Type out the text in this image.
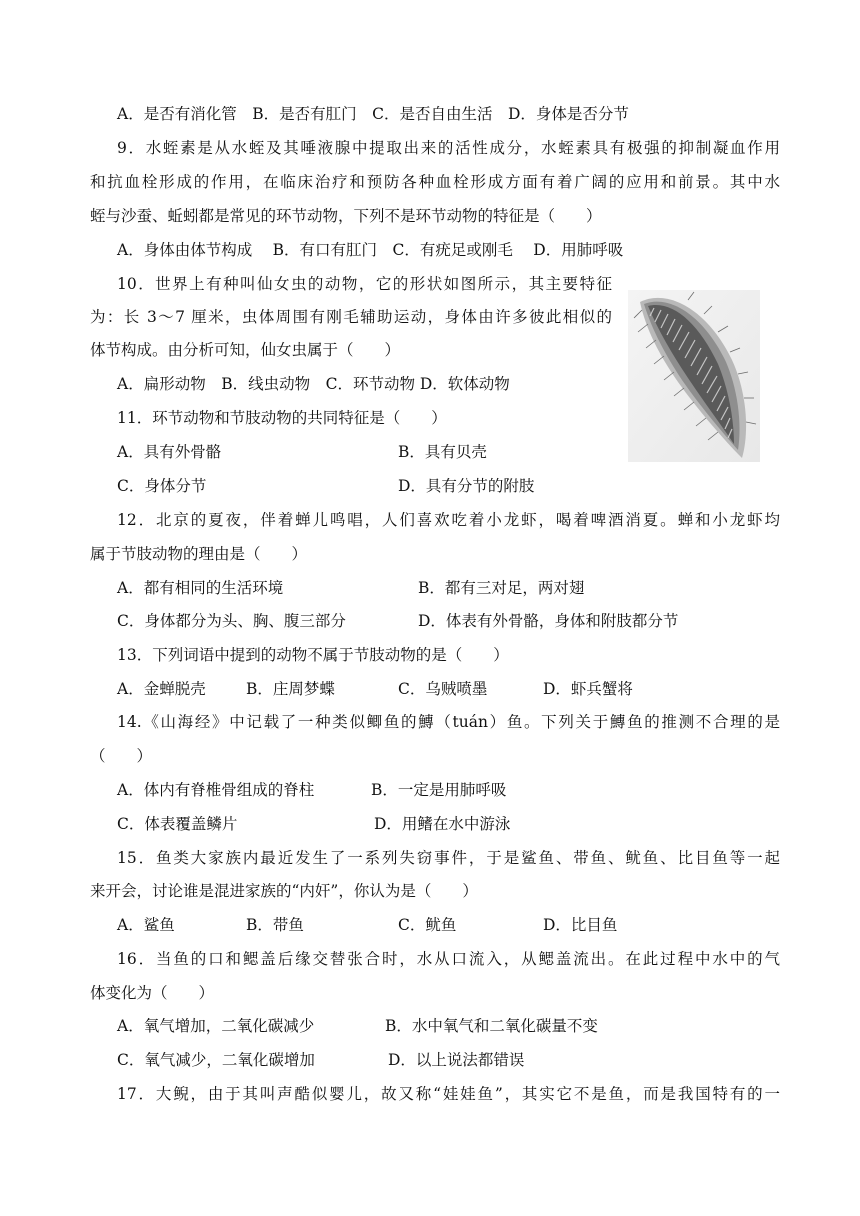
A．是否有消化管　B．是否有肛门　C．是否自由生活　D．身体是否分节
9．水蛭素是从水蛭及其唾液腺中提取出来的活性成分，水蛭素具有极强的抑制凝血作用
和抗血栓形成的作用，在临床治疗和预防各种血栓形成方面有着广阔的应用和前景。其中水
蛭与沙蚕、蚯蚓都是常见的环节动物，下列不是环节动物的特征是（　　）
A．身体由体节构成　 B．有口有肛门　C．有疣足或刚毛　 D．用肺呼吸
10．世界上有种叫仙女虫的动物，它的形状如图所示，其主要特征
为：长 3～7 厘米，虫体周围有刚毛辅助运动，身体由许多彼此相似的
体节构成。由分析可知，仙女虫属于（　　）
A．扁形动物　B．线虫动物　C．环节动物 D．软体动物
11．环节动物和节肢动物的共同特征是（　　）
A．具有外骨骼	B．具有贝壳
C．身体分节	D．具有分节的附肢
12．北京的夏夜，伴着蝉儿鸣唱，人们喜欢吃着小龙虾，喝着啤酒消夏。蝉和小龙虾均
属于节肢动物的理由是（　　）
A．都有相同的生活环境	B．都有三对足，两对翅
C．身体都分为头、胸、腹三部分	D．体表有外骨骼，身体和附肢都分节
13．下列词语中提到的动物不属于节肢动物的是（　　）
A．金蝉脱壳	B．庄周梦蝶	C．乌贼喷墨	D．虾兵蟹将
14.《山海经》中记载了一种类似鲫鱼的鱄（tuán）鱼。下列关于鱄鱼的推测不合理的是
（　　）
A．体内有脊椎骨组成的脊柱	B．一定是用肺呼吸
C．体表覆盖鳞片	D．用鳍在水中游泳
15．鱼类大家族内最近发生了一系列失窃事件，于是鲨鱼、带鱼、鱿鱼、比目鱼等一起
来开会，讨论谁是混进家族的“内奸”，你认为是（　　）
A．鲨鱼	B．带鱼	C．鱿鱼	D．比目鱼
16．当鱼的口和鳃盖后缘交替张合时，水从口流入，从鳃盖流出。在此过程中水中的气
体变化为（　　）
A．氧气增加，二氧化碳减少	B．水中氧气和二氧化碳量不变
C．氧气减少，二氧化碳增加	D．以上说法都错误
17．大鲵，由于其叫声酷似婴儿，故又称“娃娃鱼”，其实它不是鱼，而是我国特有的一
